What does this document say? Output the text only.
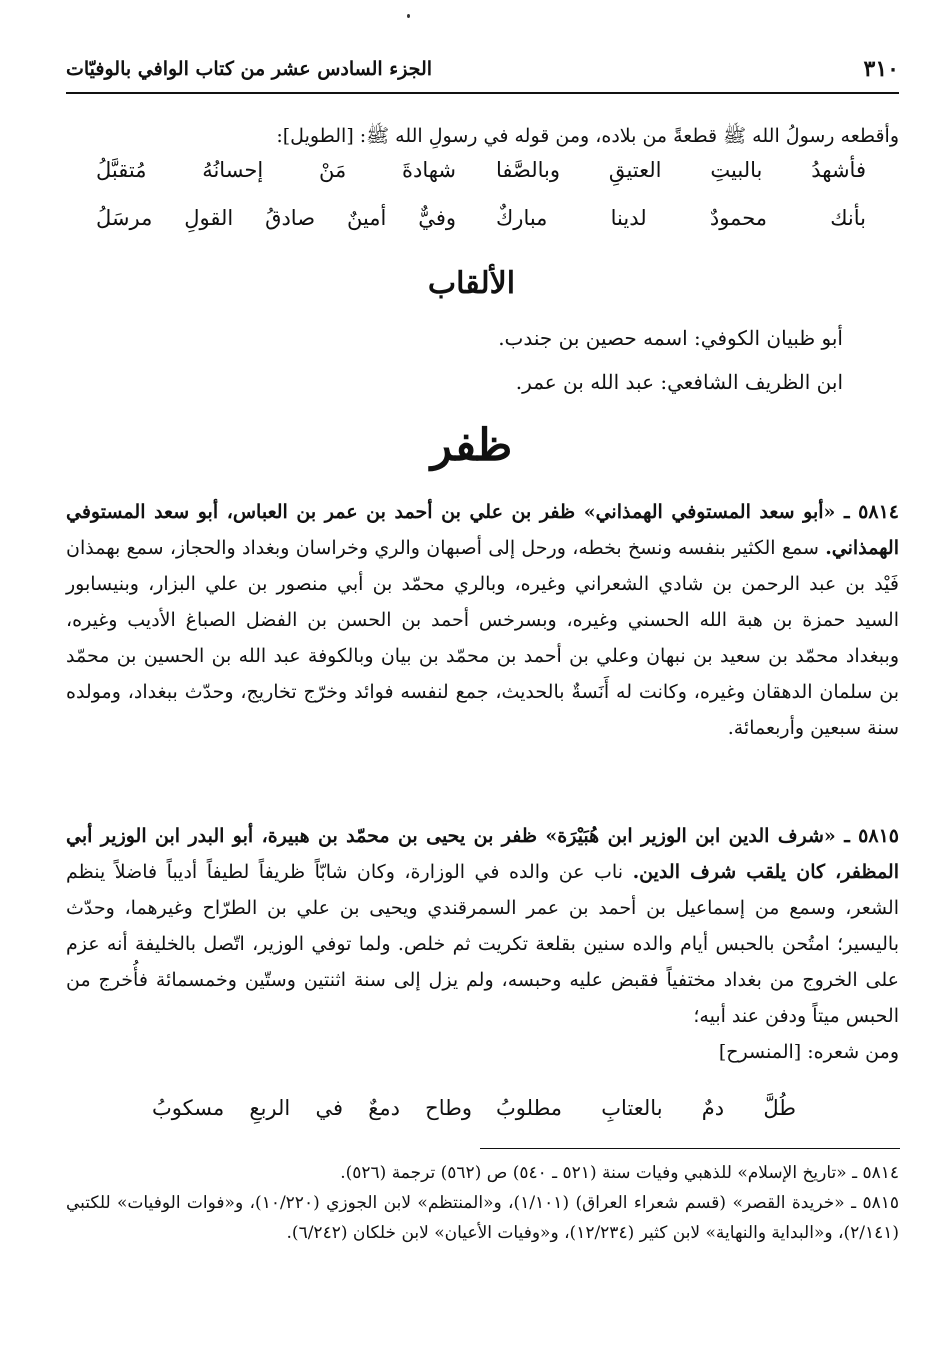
٣١٠
الجزء السادس عشر من كتاب الوافي بالوفيّات
وأقطعه رسولُ الله ﷺ قطعةً من بلاده، ومن قوله في رسولِ الله ﷺ: [الطويل]:
فأشهدُ بالبيتِ العتيقِ وبالصَّفا
شهادةَ مَنْ إحسانُهُ مُتقبَّلُ
بأنك محمودٌ لدينا مباركٌ
وفيٌّ أمينٌ صادقُ القولِ مرسَلُ
الألقاب
أبو ظبيان الكوفي: اسمه حصين بن جندب.
ابن الظريف الشافعي: عبد الله بن عمر.
ظفر
٥٨١٤ ـ «أبو سعد المستوفي الهمذاني» ظفر بن علي بن أحمد بن عمر بن العباس، أبو سعد المستوفي الهمذاني. سمع الكثير بنفسه ونسخ بخطه، ورحل إلى أصبهان والري وخراسان وبغداد والحجاز، سمع بهمذان فَيْد بن عبد الرحمن بن شادي الشعراني وغيره، وبالري محمّد بن أبي منصور بن علي البزار، وبنيسابور السيد حمزة بن هبة الله الحسني وغيره، وبسرخس أحمد بن الحسن بن الفضل الصباغ الأديب وغيره، وببغداد محمّد بن سعيد بن نبهان وعلي بن أحمد بن محمّد بن بيان وبالكوفة عبد الله بن الحسين بن محمّد بن سلمان الدهقان وغيره، وكانت له أَنَسةٌ بالحديث، جمع لنفسه فوائد وخرّج تخاريج، وحدّث ببغداد، ومولده سنة سبعين وأربعمائة.
٥٨١٥ ـ «شرف الدين ابن الوزير ابن هُبَيْرَة» ظفر بن يحيى بن محمّد بن هبيرة، أبو البدر ابن الوزير أبي المظفر، كان يلقب شرف الدين. ناب عن والده في الوزارة، وكان شابّاً ظريفاً لطيفاً أديباً فاضلاً ينظم الشعر، وسمع من إسماعيل بن أحمد بن عمر السمرقندي ويحيى بن علي بن الطرّاح وغيرهما، وحدّث باليسير؛ امتُحن بالحبس أيام والده سنين بقلعة تكريت ثم خلص. ولما توفي الوزير، اتّصل بالخليفة أنه عزم على الخروج من بغداد مختفياً فقبض عليه وحبسه، ولم يزل إلى سنة اثنتين وستّين وخمسمائة فأُخرج من الحبس ميتاً ودفن عند أبيه؛
ومن شعره: [المنسرح]
طُلَّ دمٌ بالعتابِ مطلوبُ
وطاح دمعٌ في الربعِ مسكوبُ

٥٨١٤ ـ «تاريخ الإسلام» للذهبي وفيات سنة (٥٢١ ـ ٥٤٠) ص (٥٦٢) ترجمة (٥٢٦).

٥٨١٥ ـ «خريدة القصر» (قسم شعراء العراق) (١/١٠١)، و«المنتظم» لابن الجوزي (١٠/٢٢٠)، و«فوات الوفيات» للكتبي (٢/١٤١)، و«البداية والنهاية» لابن كثير (١٢/٢٣٤)، و«وفيات الأعيان» لابن خلكان (٦/٢٤٢).
